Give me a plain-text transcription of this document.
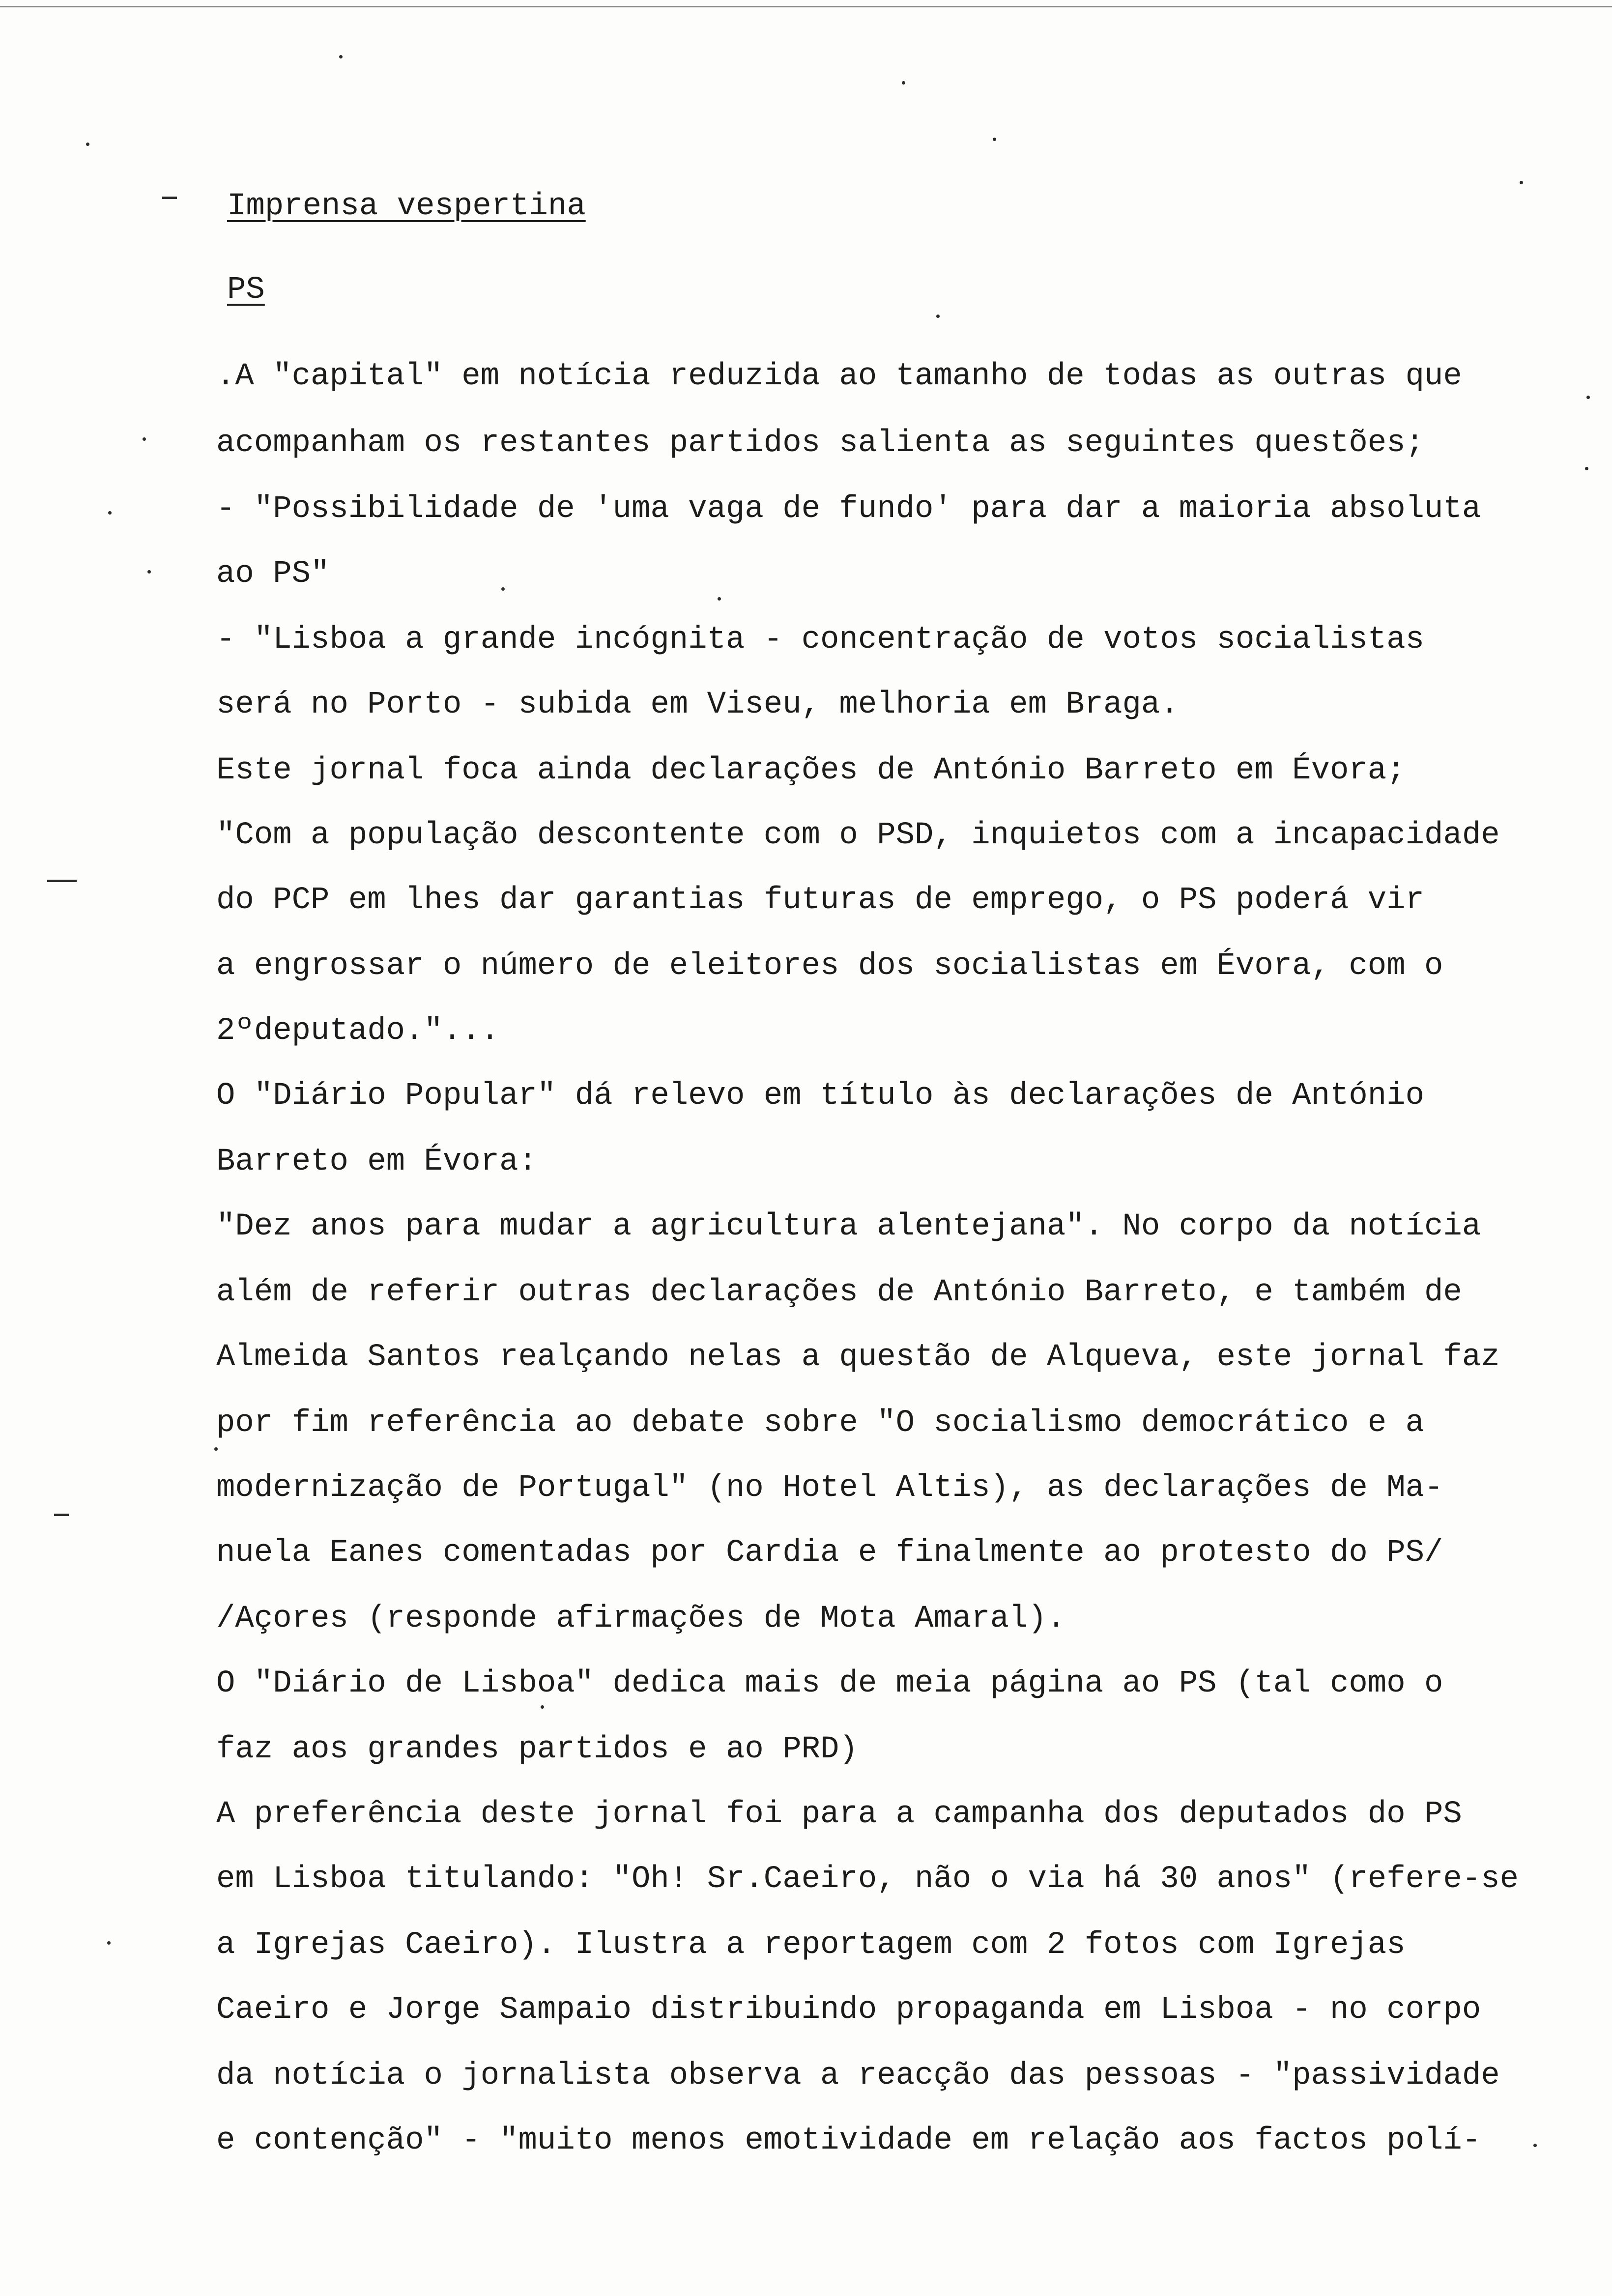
Imprensa vespertina
PS
.A "capital" em notícia reduzida ao tamanho de todas as outras que
acompanham os restantes partidos salienta as seguintes questões;
- "Possibilidade de 'uma vaga de fundo' para dar a maioria absoluta
ao PS"
- "Lisboa a grande incógnita - concentração de votos socialistas
será no Porto - subida em Viseu, melhoria em Braga.
Este jornal foca ainda declarações de António Barreto em Évora;
"Com a população descontente com o PSD, inquietos com a incapacidade
do PCP em lhes dar garantias futuras de emprego, o PS poderá vir
a engrossar o número de eleitores dos socialistas em Évora, com o
2ºdeputado."...
O "Diário Popular" dá relevo em título às declarações de António
Barreto em Évora:
"Dez anos para mudar a agricultura alentejana". No corpo da notícia
além de referir outras declarações de António Barreto, e também de
Almeida Santos realçando nelas a questão de Alqueva, este jornal faz
por fim referência ao debate sobre "O socialismo democrático e a
modernização de Portugal" (no Hotel Altis), as declarações de Ma-
nuela Eanes comentadas por Cardia e finalmente ao protesto do PS/
/Açores (responde afirmações de Mota Amaral).
O "Diário de Lisboa" dedica mais de meia página ao PS (tal como o
faz aos grandes partidos e ao PRD)
A preferência deste jornal foi para a campanha dos deputados do PS
em Lisboa titulando: "Oh! Sr.Caeiro, não o via há 30 anos" (refere-se
a Igrejas Caeiro). Ilustra a reportagem com 2 fotos com Igrejas
Caeiro e Jorge Sampaio distribuindo propaganda em Lisboa - no corpo
da notícia o jornalista observa a reacção das pessoas - "passividade
e contenção" - "muito menos emotividade em relação aos factos polí-
